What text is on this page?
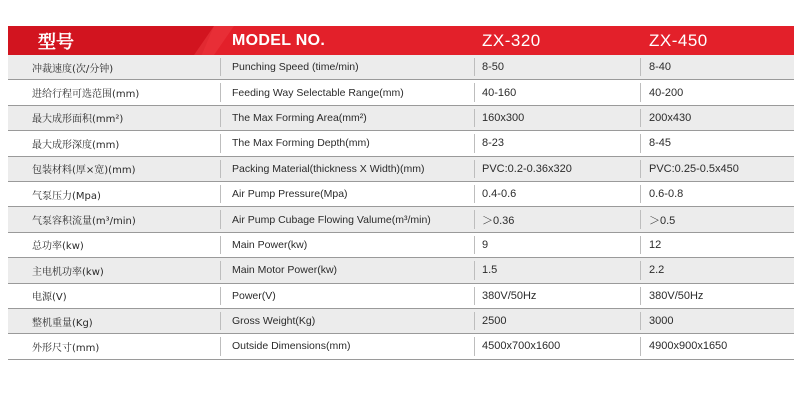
型号	MODEL NO.	ZX-320	ZX-450
冲裁速度(次/分钟)	Punching Speed (time/min)	8-50	8-40
进给行程可选范围(mm)	Feeding Way Selectable Range(mm)	40-160	40-200
最大成形面积(mm²)	The Max Forming Area(mm²)	160x300	200x430
最大成形深度(mm)	The Max Forming Depth(mm)	8-23	8-45
包装材料(厚×宽)(mm)	Packing Material(thickness X Width)(mm)	PVC:0.2-0.36x320	PVC:0.25-0.5x450
气泵压力(Mpa)	Air Pump Pressure(Mpa)	0.4-0.6	0.6-0.8
气泵容积流量(m³/min)	Air Pump Cubage Flowing Valume(m³/min)	＞0.36	＞0.5
总功率(kw)	Main Power(kw)	9	12
主电机功率(kw)	Main Motor Power(kw)	1.5	2.2
电源(V)	Power(V)	380V/50Hz	380V/50Hz
整机重量(Kg)	Gross Weight(Kg)	2500	3000
外形尺寸(mm)	Outside Dimensions(mm)	4500x700x1600	4900x900x1650
